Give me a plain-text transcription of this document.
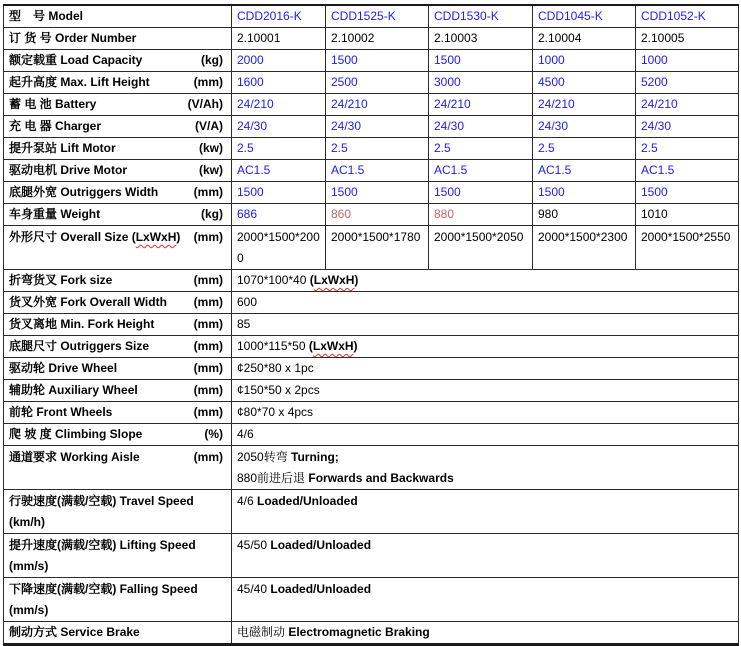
型　号 Model	CDD2016-K	CDD1525-K	CDD1530-K	CDD1045-K	CDD1052-K

订 货 号 Order Number	2.10001	2.10002	2.10003	2.10004	2.10005

额定载重 Load Capacity (kg)	2000	1500	1500	1000	1000

起升高度 Max. Lift Height (mm)	1600	2500	3000	4500	5200

蓄 电 池 Battery (V/Ah)	24/210	24/210	24/210	24/210	24/210

充 电 器 Charger (V/A)	24/30	24/30	24/30	24/30	24/30

提升泵站 Lift Motor (kw)	2.5	2.5	2.5	2.5	2.5

驱动电机 Drive Motor (kw)	AC1.5	AC1.5	AC1.5	AC1.5	AC1.5

底腿外宽 Outriggers Width (mm)	1500	1500	1500	1500	1500

车身重量 Weight (kg)	686	860	880	980	1010

外形尺寸 Overall Size (LxWxH) (mm)	2000*1500*2000	2000*1500*1780	2000*1500*2050	2000*1500*2300	2000*1500*2550

折弯货叉 Fork size (mm)	1070*100*40 (LxWxH)				

货叉外宽 Fork Overall Width (mm)	600				

货叉离地 Min. Fork Height (mm)	85				

底腿尺寸 Outriggers Size (mm)	1000*115*50 (LxWxH)				

驱动轮 Drive Wheel (mm)	¢250*80 x 1pc				

辅助轮 Auxiliary Wheel (mm)	¢150*50 x 2pcs				

前轮 Front Wheels (mm)	¢80*70 x 4pcs				

爬 坡 度 Climbing Slope (%)	4/6				

通道要求 Working Aisle	(mm)	2050转弯 Turning;
880前进后退 Forwards and Backwards

行驶速度(满载/空载) Travel Speed
(km/h)	4/6 Loaded/Unloaded				

提升速度(满载/空载) Lifting Speed
(mm/s)	45/50 Loaded/Unloaded				

下降速度(满载/空载) Falling Speed
(mm/s)	45/40 Loaded/Unloaded				

制动方式 Service Brake	电磁制动 Electromagnetic Braking				
